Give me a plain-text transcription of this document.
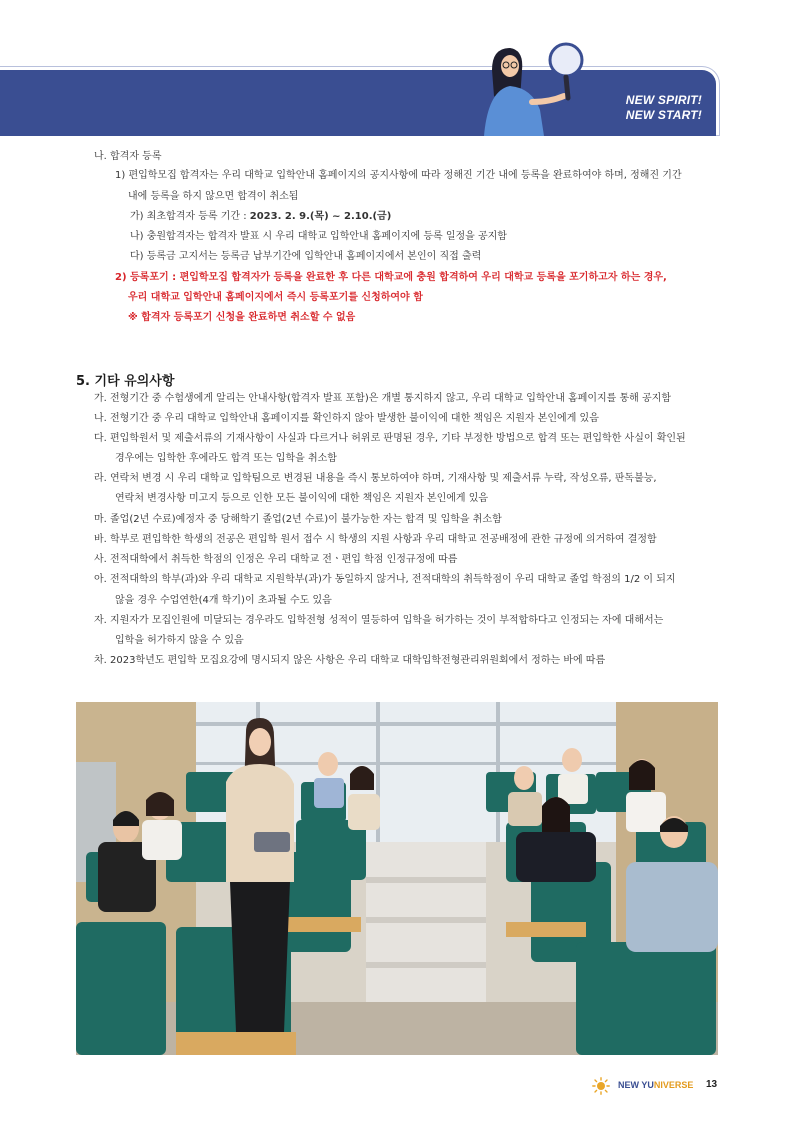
NEW SPIRIT!
NEW START!
나. 합격자 등록
1) 편입학모집 합격자는 우리 대학교 입학안내 홈페이지의 공지사항에 따라 정해진 기간 내에 등록을 완료하여야 하며, 정해진 기간
내에 등록을 하지 않으면 합격이 취소됨
가) 최초합격자 등록 기간 : 2023. 2. 9.(목) ~ 2.10.(금)
나) 충원합격자는 합격자 발표 시 우리 대학교 입학안내 홈페이지에 등록 일정을 공지함
다) 등록금 고지서는 등록금 납부기간에 입학안내 홈페이지에서 본인이 직접 출력
2) 등록포기 : 편입학모집 합격자가 등록을 완료한 후 다른 대학교에 충원 합격하여 우리 대학교 등록을 포기하고자 하는 경우,
우리 대학교 입학안내 홈페이지에서 즉시 등록포기를 신청하여야 함
※ 합격자 등록포기 신청을 완료하면 취소할 수 없음
5. 기타 유의사항
가. 전형기간 중 수험생에게 알리는 안내사항(합격자 발표 포함)은 개별 통지하지 않고, 우리 대학교 입학안내 홈페이지를 통해 공지함
나. 전형기간 중 우리 대학교 입학안내 홈페이지를 확인하지 않아 발생한 불이익에 대한 책임은 지원자 본인에게 있음
다. 편입학원서 및 제출서류의 기재사항이 사실과 다르거나 허위로 판명된 경우, 기타 부정한 방법으로 합격 또는 편입학한 사실이 확인된
경우에는 입학한 후에라도 합격 또는 입학을 취소함
라. 연락처 변경 시 우리 대학교 입학팀으로 변경된 내용을 즉시 통보하여야 하며, 기재사항 및 제출서류 누락, 작성오류, 판독불능,
연락처 변경사항 미고지 등으로 인한 모든 불이익에 대한 책임은 지원자 본인에게 있음
마. 졸업(2년 수료)예정자 중 당해학기 졸업(2년 수료)이 불가능한 자는 합격 및 입학을 취소함
바. 학부로 편입학한 학생의 전공은 편입학 원서 접수 시 학생의 지원 사항과 우리 대학교 전공배정에 관한 규정에 의거하여 결정함
사. 전적대학에서 취득한 학점의 인정은 우리 대학교 전ㆍ편입 학점 인정규정에 따름
아. 전적대학의 학부(과)와 우리 대학교 지원학부(과)가 동일하지 않거나, 전적대학의 취득학점이 우리 대학교 졸업 학점의 1/2 이 되지
않을 경우 수업연한(4개 학기)이 초과될 수도 있음
자. 지원자가 모집인원에 미달되는 경우라도 입학전형 성적이 열등하여 입학을 허가하는 것이 부적합하다고 인정되는 자에 대해서는
입학을 허가하지 않을 수 있음
차. 2023학년도 편입학 모집요강에 명시되지 않은 사항은 우리 대학교 대학입학전형관리위원회에서 정하는 바에 따름
NEW YUNIVERSE 13
